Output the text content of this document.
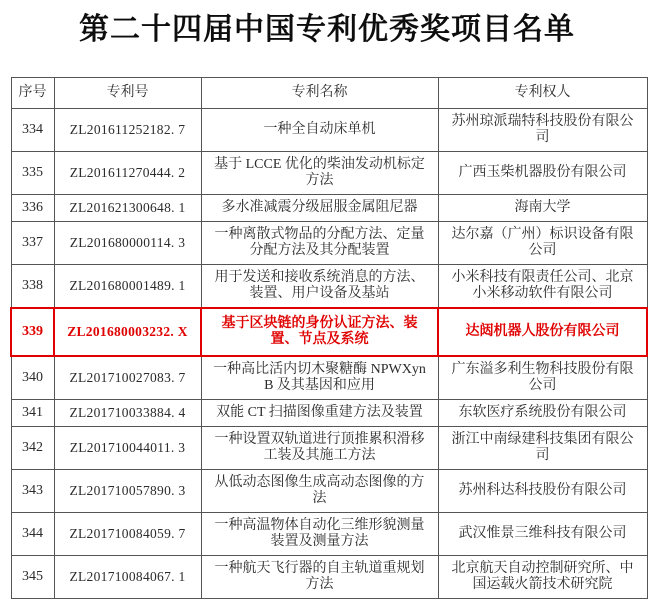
第二十四届中国专利优秀奖项目名单
序号	专利号	专利名称	专利权人
334	ZL201611252182. 7	一种全自动床单机	苏州琼派瑞特科技股份有限公司
335	ZL201611270444. 2	基于 LCCE 优化的柴油发动机标定方法	广西玉柴机器股份有限公司
336	ZL201621300648. 1	多水准减震分级屈服金属阻尼器	海南大学
337	ZL201680000114. 3	一种离散式物品的分配方法、定量分配方法及其分配装置	达尔嘉（广州）标识设备有限公司
338	ZL201680001489. 1	用于发送和接收系统消息的方法、装置、用户设备及基站	小米科技有限责任公司、北京小米移动软件有限公司
339	ZL201680003232. X	基于区块链的身份认证方法、装置、节点及系统	达闼机器人股份有限公司
340	ZL201710027083. 7	一种高比活内切木聚糖酶 NPWXynB 及其基因和应用	广东溢多利生物科技股份有限公司
341	ZL201710033884. 4	双能 CT 扫描图像重建方法及装置	东软医疗系统股份有限公司
342	ZL201710044011. 3	一种设置双轨道进行顶推累积滑移工装及其施工方法	浙江中南绿建科技集团有限公司
343	ZL201710057890. 3	从低动态图像生成高动态图像的方法	苏州科达科技股份有限公司
344	ZL201710084059. 7	一种高温物体自动化三维形貌测量装置及测量方法	武汉惟景三维科技有限公司
345	ZL201710084067. 1	一种航天飞行器的自主轨道重规划方法	北京航天自动控制研究所、中国运载火箭技术研究院
